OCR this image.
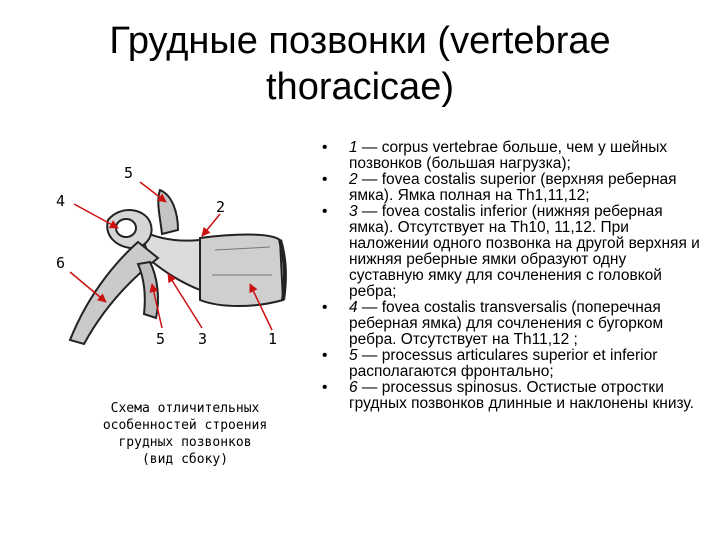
Грудные позвонки (vertebrae
thoracicae)
5
4	2
6
5 3	1
Схема отличительных
особенностей строения
грудных позвонков
(вид сбоку)
• 1 — corpus vertebrae больше, чем у шейных позвонков (большая нагрузка);
• 2 — fovea costalis superior (верхняя реберная ямка). Ямка полная на Th1,11,12;
• 3 — fovea costalis inferior (нижняя реберная ямка). Отсутствует на Th10, 11,12. При наложении одного позвонка на другой верхняя и нижняя реберные ямки образуют одну суставную ямку для сочленения с головкой ребра;
• 4 — fovea costalis transversalis (поперечная реберная ямка) для сочленения с бугорком ребра. Отсутствует на Th11,12 ;
• 5 — processus articulares superior et inferior располагаются фронтально;
• 6 — processus spinosus. Остистые отростки грудных позвонков длинные и наклонены книзу.
